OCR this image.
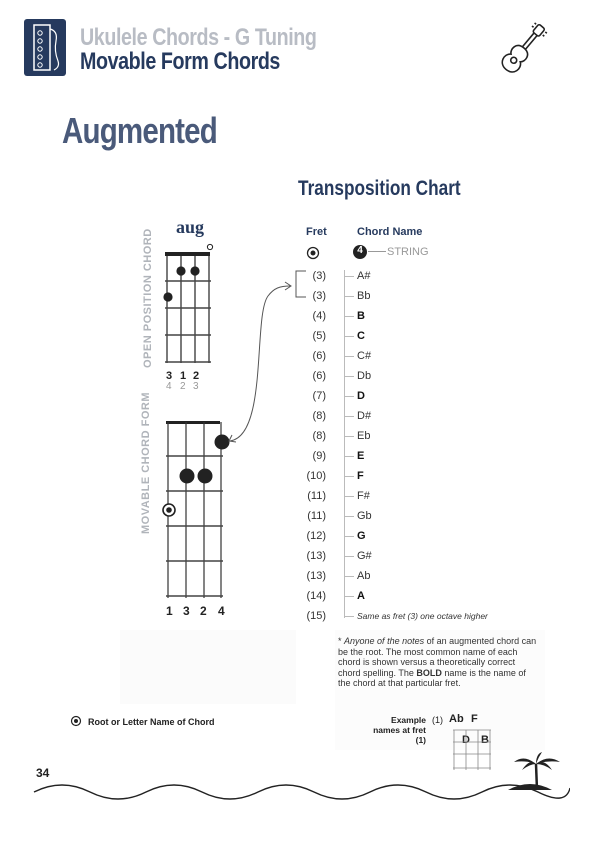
Ukulele Chords - G Tuning
Movable Form Chords
Augmented
Transposition Chart
aug
OPEN POSITION CHORD
3 1 2
4 2 3
MOVABLE CHORD FORM
1 3 2 4
Fret	Chord Name
4	STRING
(3)	A#
(3)	Bb
(4)	B
(5)	C
(6)	C#
(6)	Db
(7)	D
(8)	D#
(8)	Eb
(9)	E
(10)	F
(11)	F#
(11)	Gb
(12)	G
(13)	G#
(13)	Ab
(14)	A
(15)	Same as fret (3) one octave higher
* Anyone of the notes of an augmented chord can be the root. The most common name of each chord is shown versus a theoretically correct chord spelling. The BOLD name is the name of the chord at that particular fret.
Root or Letter Name of Chord	Example names at fret (1)
(1) Ab F
D B
34
